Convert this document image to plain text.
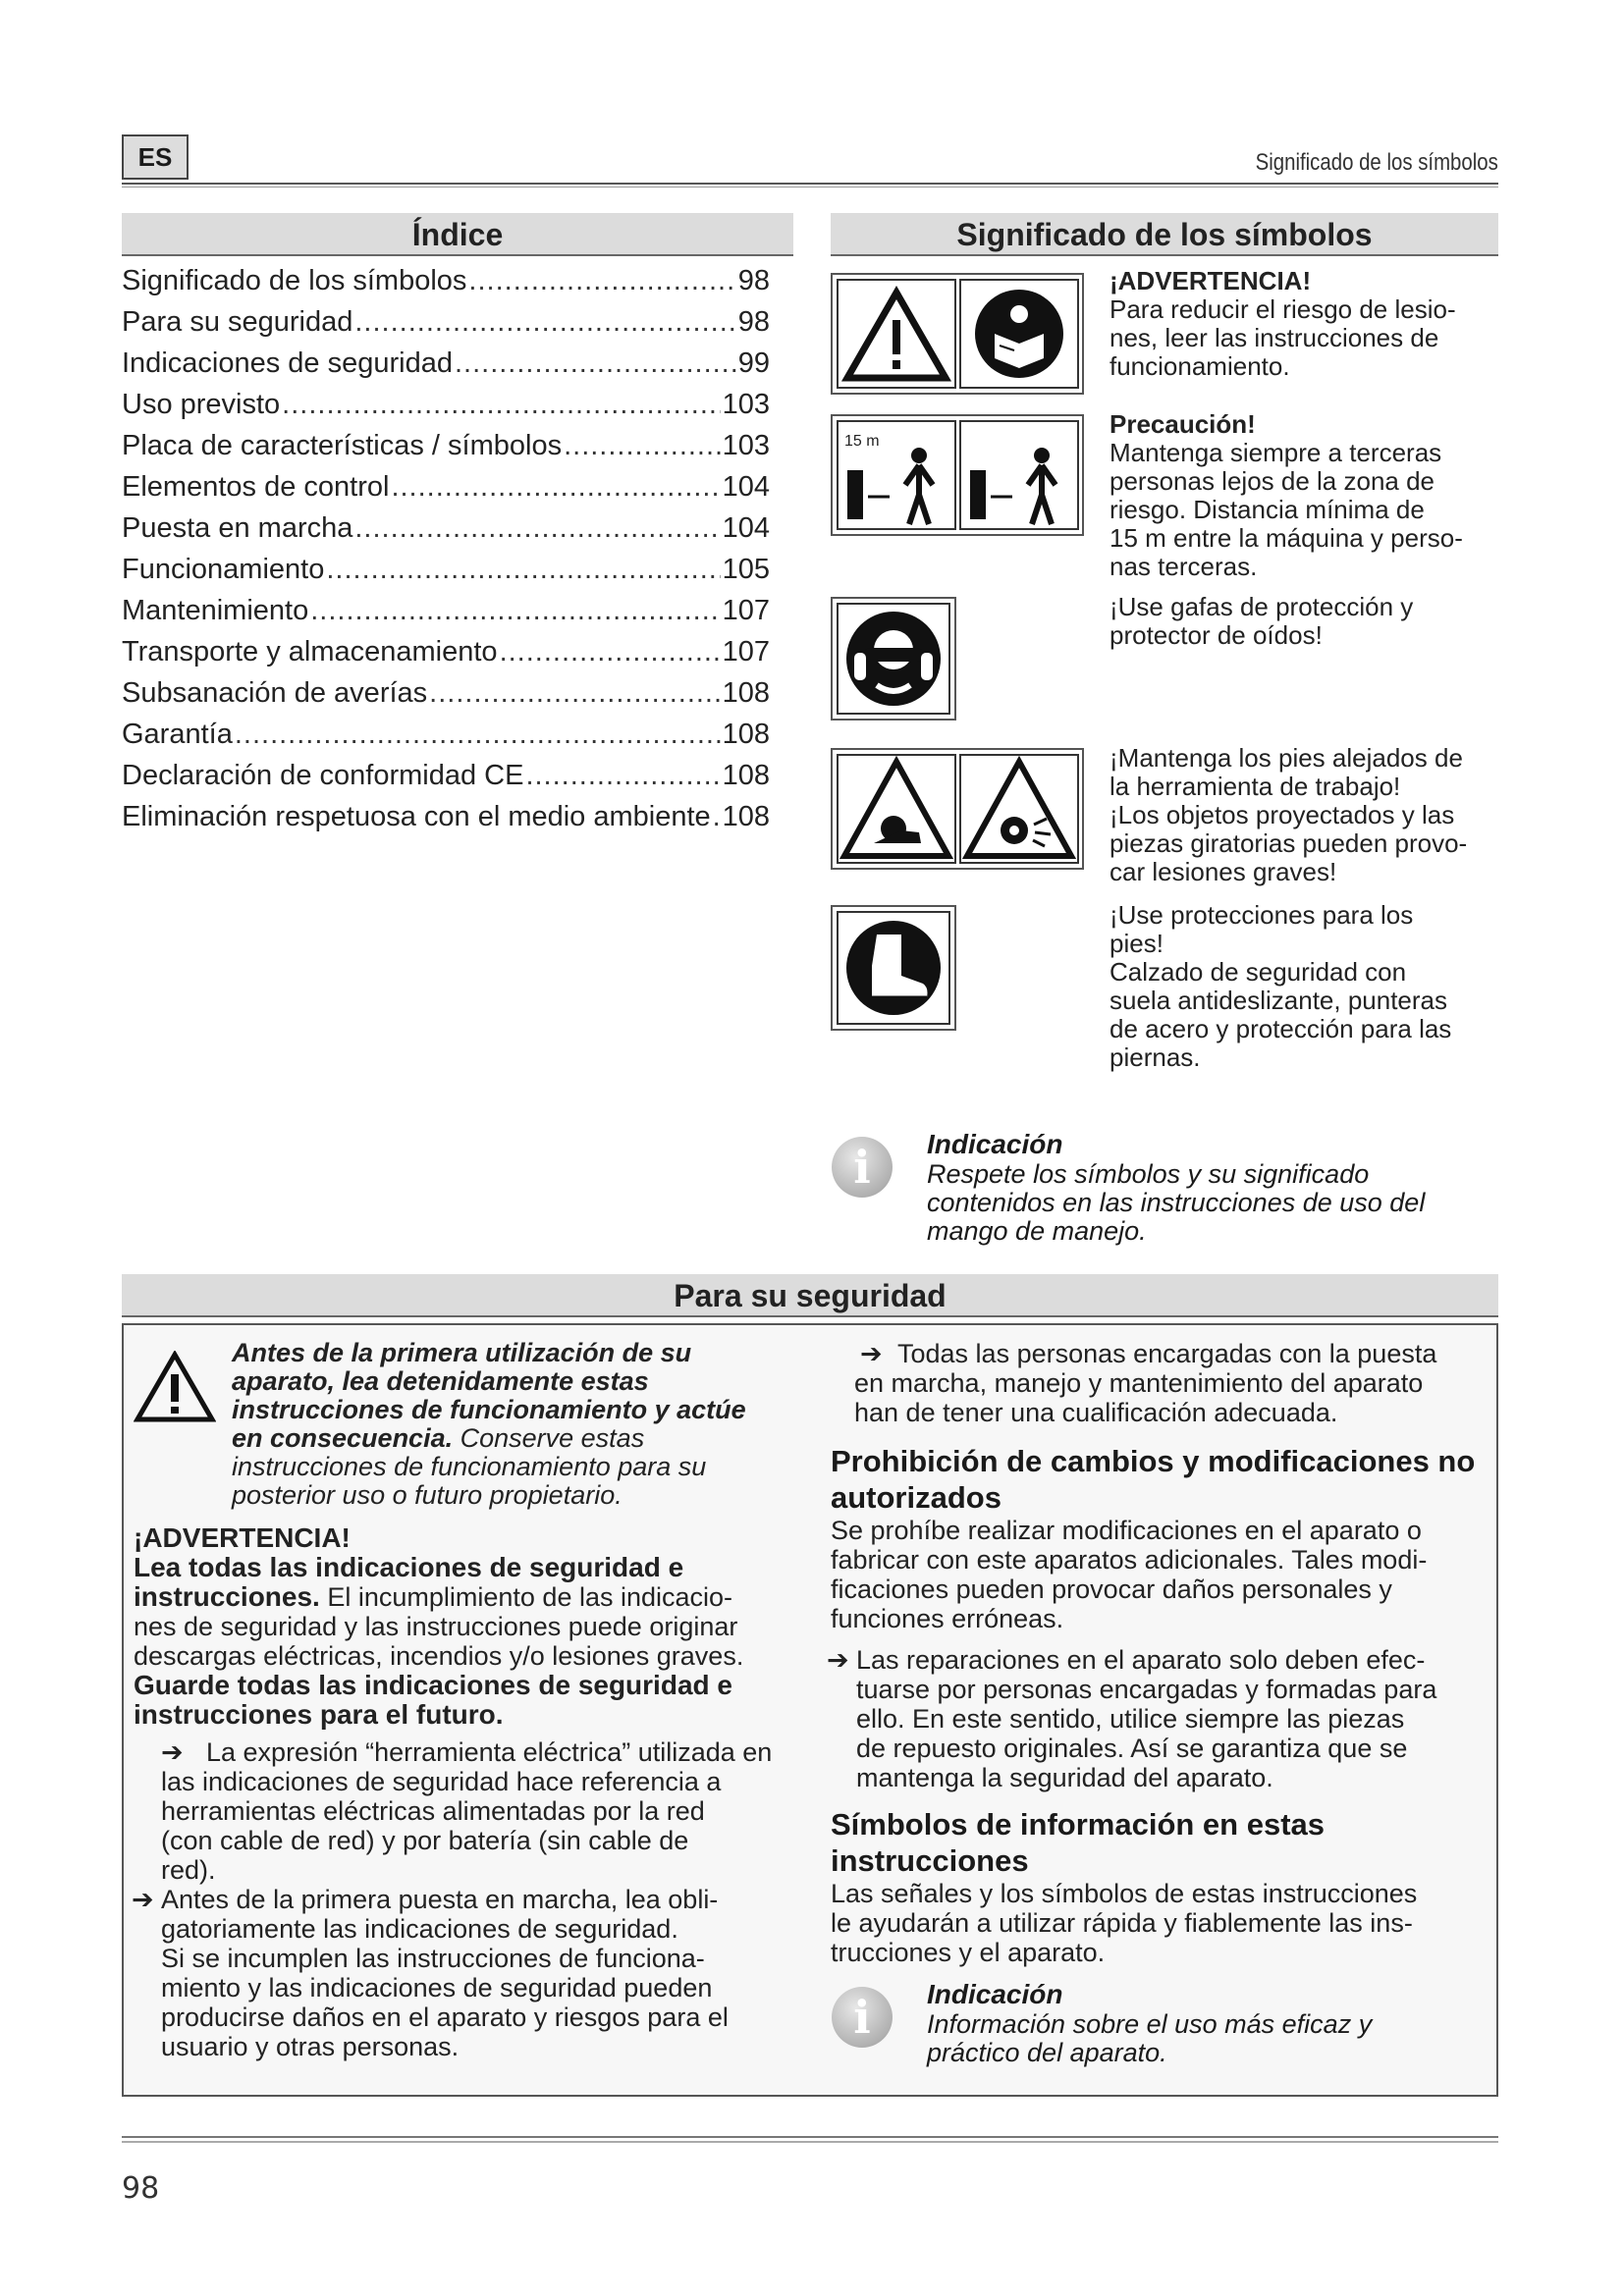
ES	Significado de los símbolos
Índice
Significado de los símbolos .....	98
Para su seguridad .....	98
Indicaciones de seguridad .....	99
Uso previsto .....	103
Placa de características / símbolos .....	103
Elementos de control .....	104
Puesta en marcha .....	104
Funcionamiento .....	105
Mantenimiento .....	107
Transporte y almacenamiento .....	107
Subsanación de averías .....	108
Garantía .....	108
Declaración de conformidad CE .....	108
Eliminación respetuosa con el medio ambiente ..... 108
Significado de los símbolos
¡ADVERTENCIA!
Para reducir el riesgo de lesio-
nes, leer las instrucciones de
funcionamiento.
15 m
Precaución!
Mantenga siempre a terceras
personas lejos de la zona de
riesgo. Distancia mínima de
15 m entre la máquina y perso-
nas terceras.
¡Use gafas de protección y
protector de oídos!
¡Mantenga los pies alejados de
la herramienta de trabajo!
¡Los objetos proyectados y las
piezas giratorias pueden provo-
car lesiones graves!
¡Use protecciones para los
pies!
Calzado de seguridad con
suela antideslizante, punteras
de acero y protección para las
piernas.
i	Indicación
Respete los símbolos y su significado
contenidos en las instrucciones de uso del
mango de manejo.
Para su seguridad
Antes de la primera utilización de su
aparato, lea detenidamente estas
instrucciones de funcionamiento y actúe
en consecuencia. Conserve estas
instrucciones de funcionamiento para su
posterior uso o futuro propietario.
¡ADVERTENCIA!
Lea todas las indicaciones de seguridad e
instrucciones. El incumplimiento de las indicacio-
nes de seguridad y las instrucciones puede originar
descargas eléctricas, incendios y/o lesiones graves.
Guarde todas las indicaciones de seguridad e
instrucciones para el futuro.
➔ La expresión “herramienta eléctrica” utilizada en
las indicaciones de seguridad hace referencia a
herramientas eléctricas alimentadas por la red
(con cable de red) y por batería (sin cable de
red).
➔ Antes de la primera puesta en marcha, lea obli-
gatoriamente las indicaciones de seguridad.
Si se incumplen las instrucciones de funciona-
miento y las indicaciones de seguridad pueden
producirse daños en el aparato y riesgos para el
usuario y otras personas.
➔ Todas las personas encargadas con la puesta
en marcha, manejo y mantenimiento del aparato
han de tener una cualificación adecuada.
Prohibición de cambios y modificaciones no
autorizados
Se prohíbe realizar modificaciones en el aparato o
fabricar con este aparatos adicionales. Tales modi-
ficaciones pueden provocar daños personales y
funciones erróneas.
➔ Las reparaciones en el aparato solo deben efec-
tuarse por personas encargadas y formadas para
ello. En este sentido, utilice siempre las piezas
de repuesto originales. Así se garantiza que se
mantenga la seguridad del aparato.
Símbolos de información en estas instrucciones
Las señales y los símbolos de estas instrucciones
le ayudarán a utilizar rápida y fiablemente las ins-
trucciones y el aparato.
i	Indicación
Información sobre el uso más eficaz y
práctico del aparato.
98
